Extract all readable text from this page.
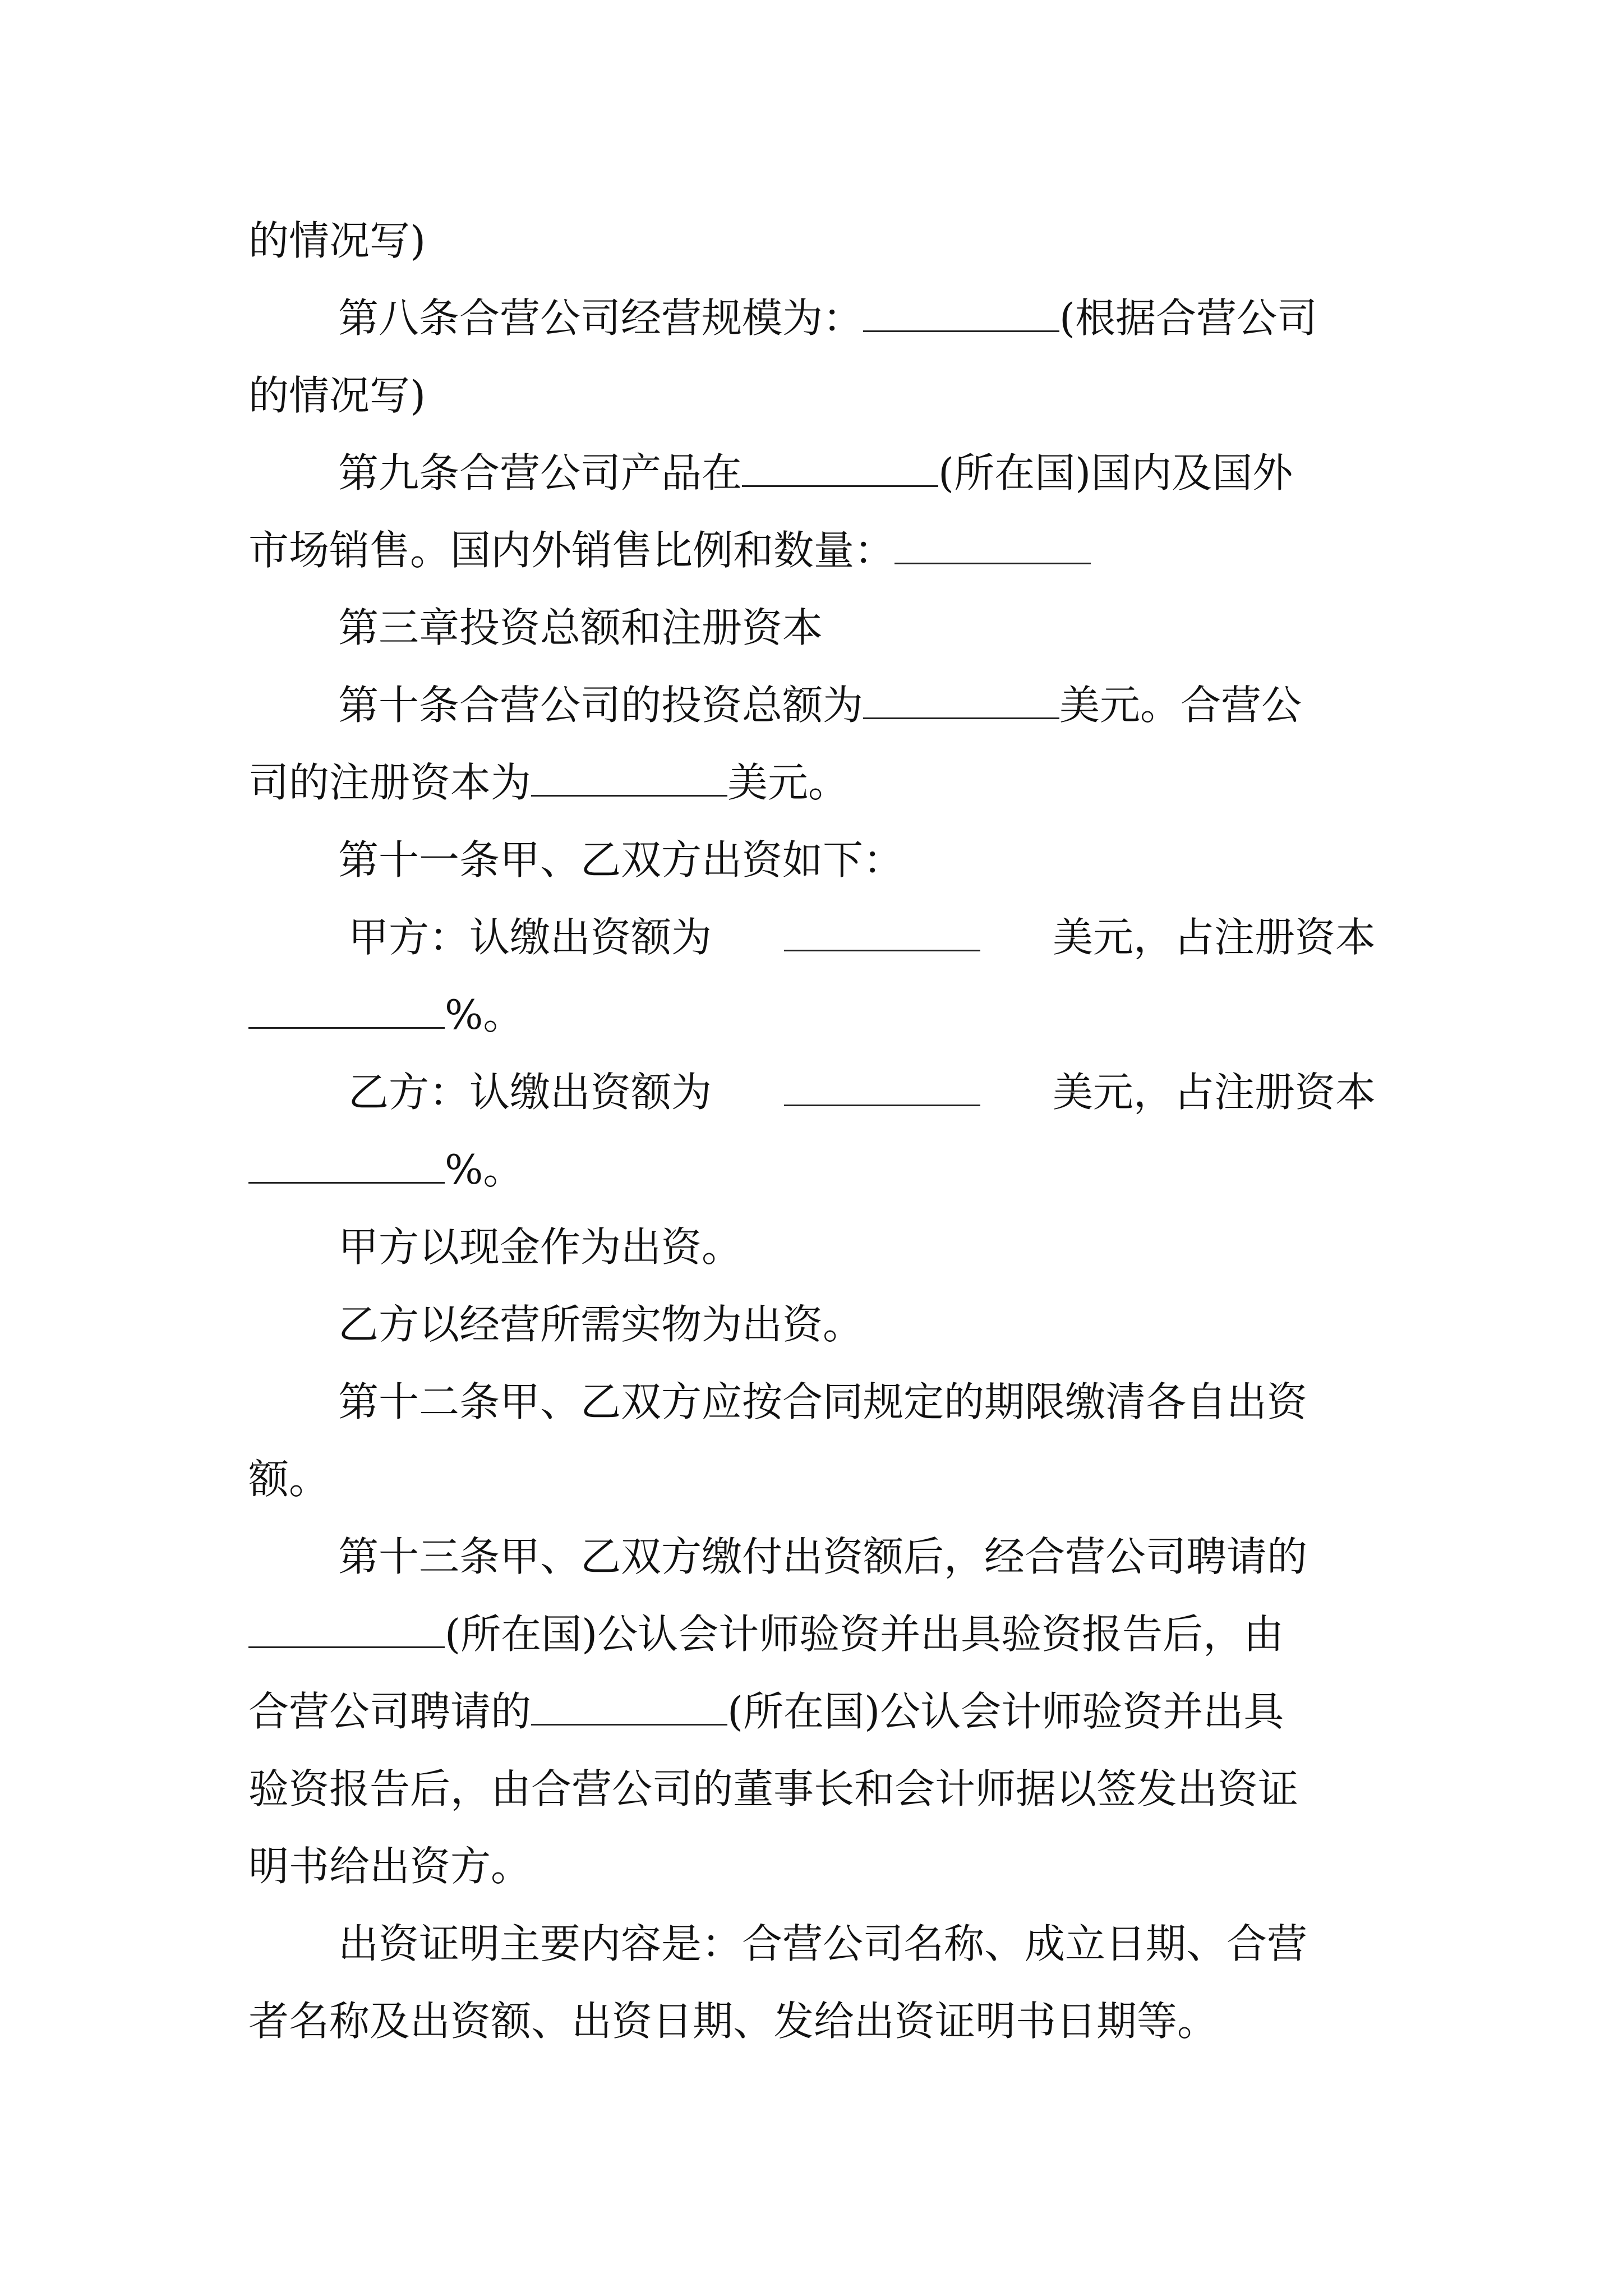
的情况写)
第八条合营公司经营规模为：	(根据合营公司
的情况写)
第九条合营公司产品在	(所在国)国内及国外
市场销售。国内外销售比例和数量：
第三章投资总额和注册资本
第十条合营公司的投资总额为	美元。合营公
司的注册资本为	美元。
第十一条甲、乙双方出资如下：
甲方：认缴出资额为	美元，占注册资本
%。
乙方：认缴出资额为	美元，占注册资本
%。
甲方以现金作为出资。
乙方以经营所需实物为出资。
第十二条甲、乙双方应按合同规定的期限缴清各自出资
额。
第十三条甲、乙双方缴付出资额后，经合营公司聘请的
(所在国)公认会计师验资并出具验资报告后，由
合营公司聘请的	(所在国)公认会计师验资并出具
验资报告后，由合营公司的董事长和会计师据以签发出资证
明书给出资方。
出资证明主要内容是：合营公司名称、成立日期、合营
者名称及出资额、出资日期、发给出资证明书日期等。
